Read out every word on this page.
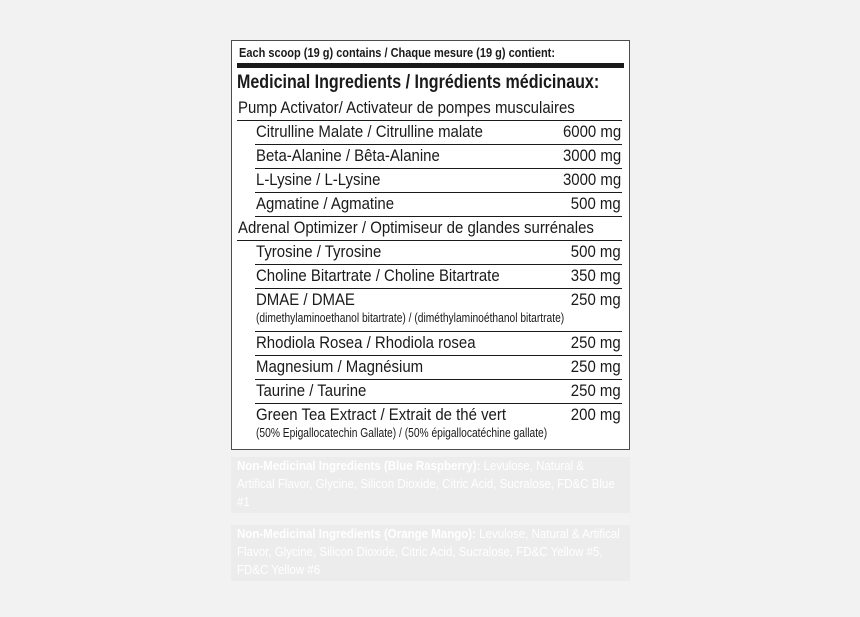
Each scoop (19 g) contains / Chaque mesure (19 g) contient:
Medicinal Ingredients / Ingrédients médicinaux:
Pump Activator/ Activateur de pompes musculaires
Citrulline Malate / Citrulline malate	6000 mg
Beta-Alanine / Bêta-Alanine	3000 mg
L-Lysine / L-Lysine	3000 mg
Agmatine / Agmatine	500 mg
Adrenal Optimizer / Optimiseur de glandes surrénales
Tyrosine / Tyrosine	500 mg
Choline Bitartrate / Choline Bitartrate	350 mg
DMAE / DMAE	250 mg
(dimethylaminoethanol bitartrate) / (diméthylaminoéthanol bitartrate)
Rhodiola Rosea / Rhodiola rosea	250 mg
Magnesium / Magnésium	250 mg
Taurine / Taurine	250 mg
Green Tea Extract / Extrait de thé vert	200 mg
(50% Epigallocatechin Gallate) / (50% épigallocatéchine gallate)
Non-Medicinal Ingredients (Blue Raspberry): Levulose, Natural & Artifical Flavor, Glycine, Silicon Dioxide, Citric Acid, Sucralose, FD&C Blue #1
Non-Medicinal Ingredients (Orange Mango): Levulose, Natural & Artifical Flavor, Glycine, Silicon Dioxide, Citric Acid, Sucralose, FD&C Yellow #5, FD&C Yellow #6
